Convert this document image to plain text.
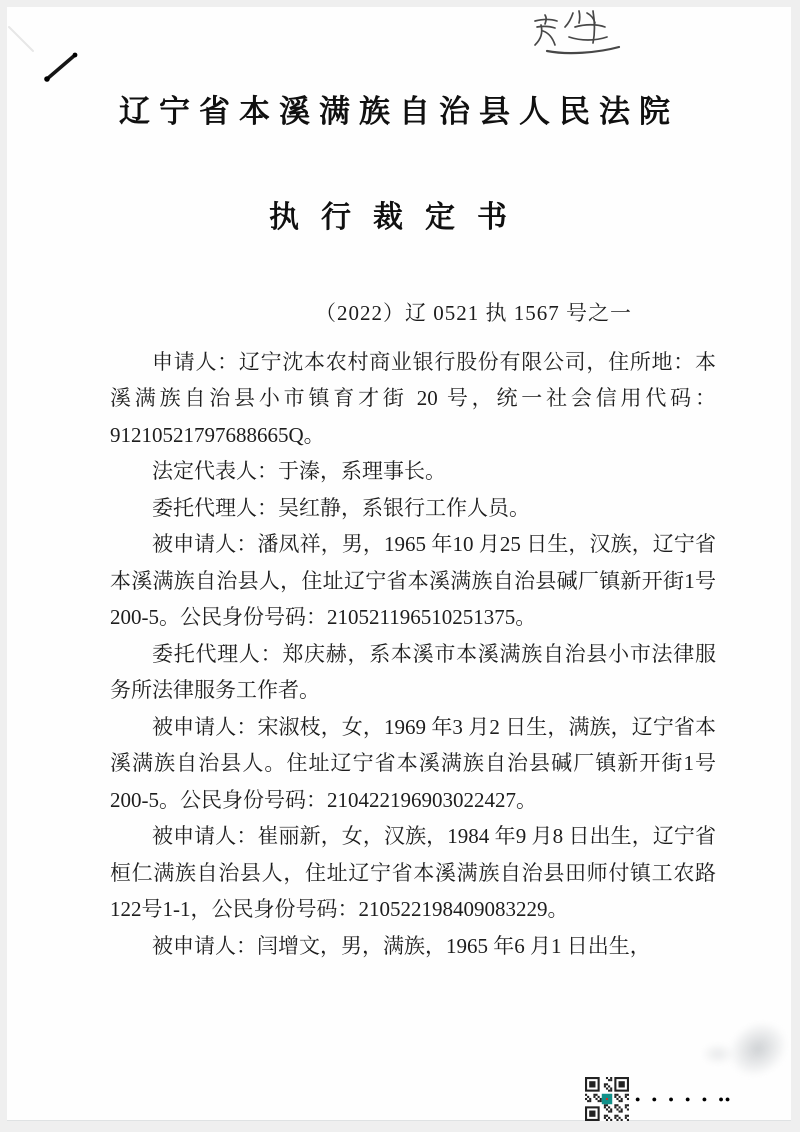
辽宁省本溪满族自治县人民法院
执行裁定书
（2022）辽 0521 执 1567 号之一

申请人：辽宁沈本农村商业银行股份有限公司，住所地：本溪满族自治县小市镇育才街 20 号，统一社会信用代码：91210521797688665Q。

法定代表人：于溱，系理事长。

委托代理人：吴红静，系银行工作人员。

被申请人：潘凤祥，男，1965 年10 月25 日生，汉族，辽宁省本溪满族自治县人，住址辽宁省本溪满族自治县碱厂镇新开街1号200-5。公民身份号码：210521196510251375。

委托代理人：郑庆赫，系本溪市本溪满族自治县小市法律服务所法律服务工作者。

被申请人：宋淑枝，女，1969 年3 月2 日生，满族，辽宁省本溪满族自治县人。住址辽宁省本溪满族自治县碱厂镇新开街1号200-5。公民身份号码：210422196903022427。

被申请人：崔丽新，女，汉族，1984 年9 月8 日出生，辽宁省桓仁满族自治县人，住址辽宁省本溪满族自治县田师付镇工农路122号1-1，公民身份号码：210522198409083229。

被申请人：闫增文，男，满族，1965 年6 月1 日出生，

● ● ● ● ● ●●
